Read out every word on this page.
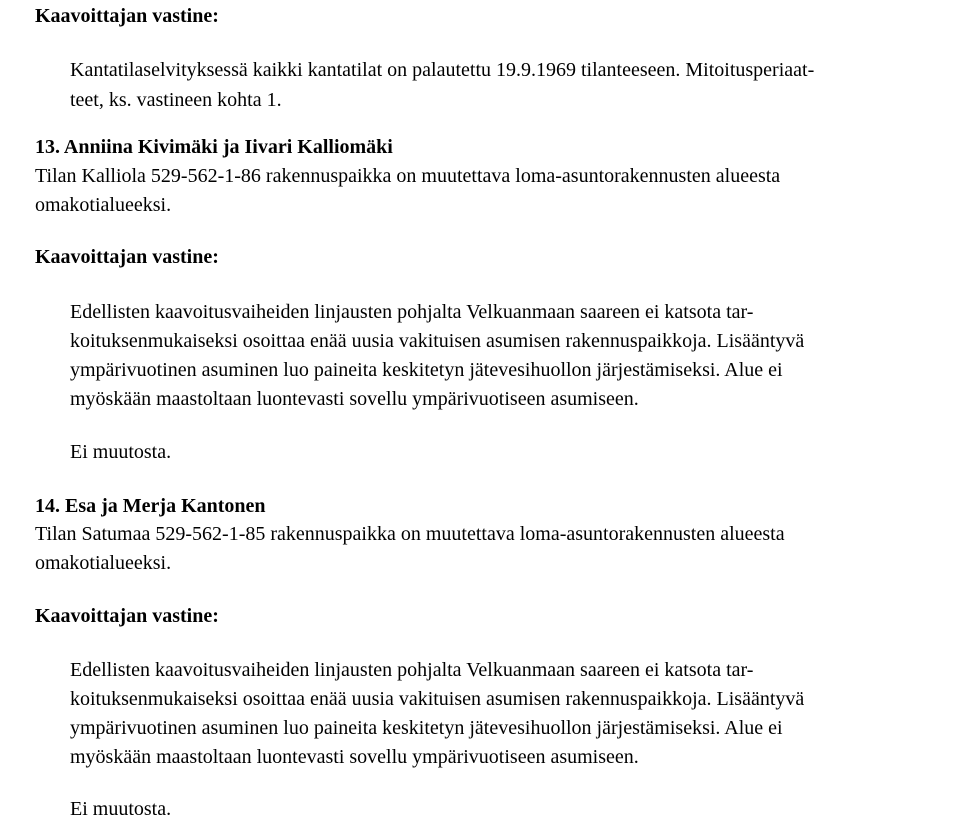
Kaavoittajan vastine:

Kantatilaselvityksessä kaikki kantatilat on palautettu 19.9.1969 tilanteeseen. Mitoitusperiaat-

teet, ks. vastineen kohta 1.

13. Anniina Kivimäki ja Iivari Kalliomäki

Tilan Kalliola 529-562-1-86 rakennuspaikka on muutettava loma-asuntorakennusten alueesta

omakotialueeksi.

Kaavoittajan vastine:

Edellisten kaavoitusvaiheiden linjausten pohjalta Velkuanmaan saareen ei katsota tar-

koituksenmukaiseksi osoittaa enää uusia vakituisen asumisen rakennuspaikkoja. Lisääntyvä

ympärivuotinen asuminen luo paineita keskitetyn jätevesihuollon järjestämiseksi. Alue ei

myöskään maastoltaan luontevasti sovellu ympärivuotiseen asumiseen.

Ei muutosta.

14. Esa ja Merja Kantonen

Tilan Satumaa 529-562-1-85 rakennuspaikka on muutettava loma-asuntorakennusten alueesta

omakotialueeksi.

Kaavoittajan vastine:

Edellisten kaavoitusvaiheiden linjausten pohjalta Velkuanmaan saareen ei katsota tar-

koituksenmukaiseksi osoittaa enää uusia vakituisen asumisen rakennuspaikkoja. Lisääntyvä

ympärivuotinen asuminen luo paineita keskitetyn jätevesihuollon järjestämiseksi. Alue ei

myöskään maastoltaan luontevasti sovellu ympärivuotiseen asumiseen.

Ei muutosta.
